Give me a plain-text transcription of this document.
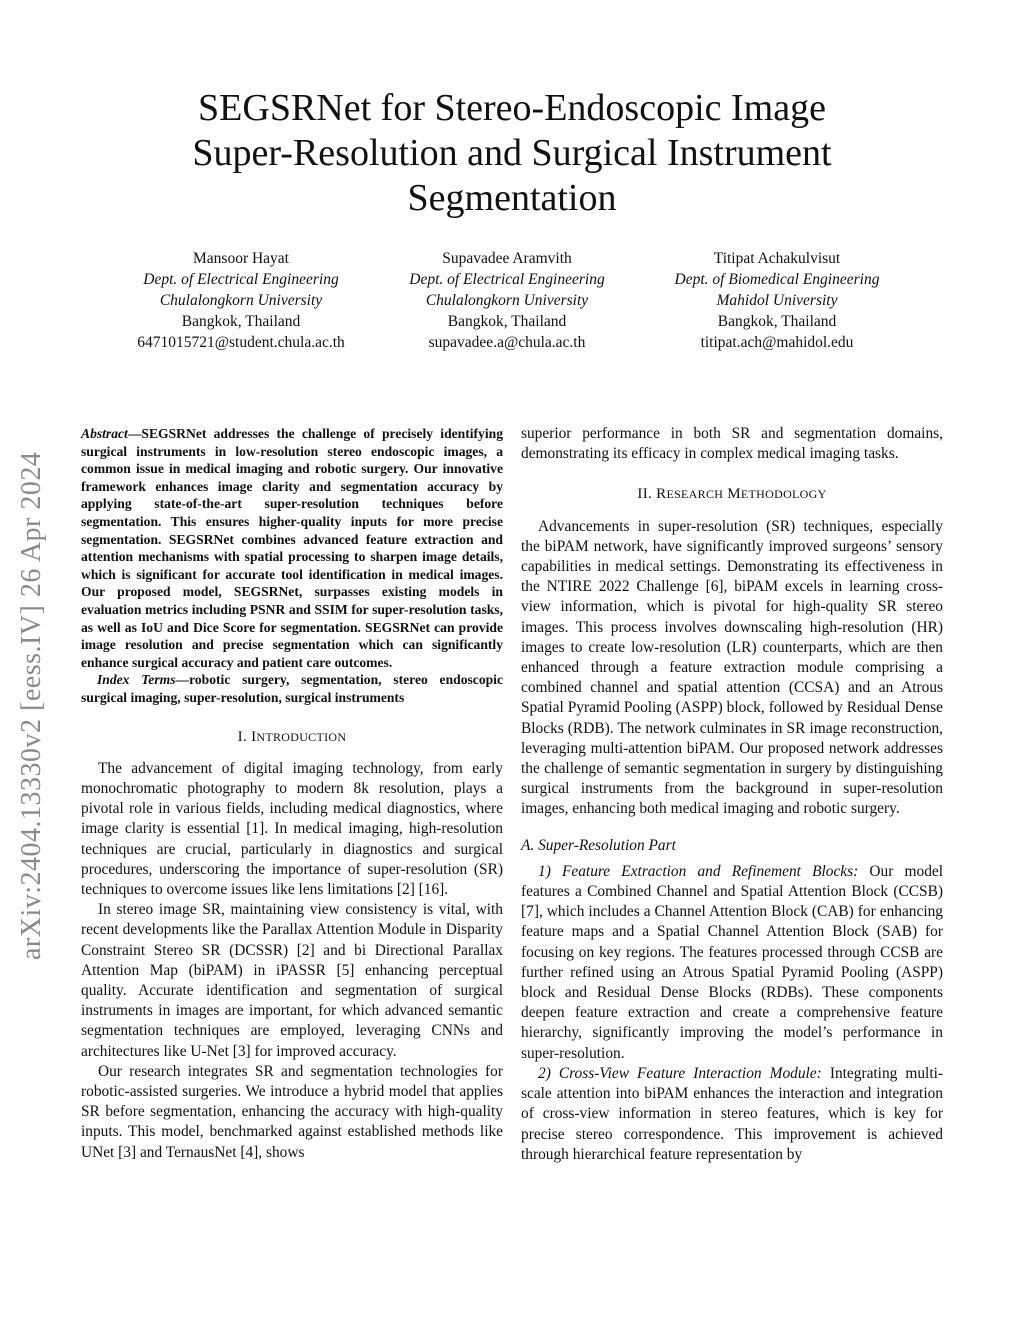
SEGSRNet for Stereo-Endoscopic Image
Super-Resolution and Surgical Instrument
Segmentation
Mansoor Hayat
Dept. of Electrical Engineering
Chulalongkorn University
Bangkok, Thailand
6471015721@student.chula.ac.th
Supavadee Aramvith
Dept. of Electrical Engineering
Chulalongkorn University
Bangkok, Thailand
supavadee.a@chula.ac.th
Titipat Achakulvisut
Dept. of Biomedical Engineering
Mahidol University
Bangkok, Thailand
titipat.ach@mahidol.edu
arXiv:2404.13330v2 [eess.IV] 26 Apr 2024

Abstract—SEGSRNet addresses the challenge of precisely identifying surgical instruments in low-resolution stereo endoscopic images, a common issue in medical imaging and robotic surgery. Our innovative framework enhances image clarity and segmentation accuracy by applying state-of-the-art super-resolution techniques before segmentation. This ensures higher-quality inputs for more precise segmentation. SEGSRNet combines advanced feature extraction and attention mechanisms with spatial processing to sharpen image details, which is significant for accurate tool identification in medical images. Our proposed model, SEGSRNet, surpasses existing models in evaluation metrics including PSNR and SSIM for super-resolution tasks, as well as IoU and Dice Score for segmentation. SEGSRNet can provide image resolution and precise segmentation which can significantly enhance surgical accuracy and patient care outcomes.

Index Terms—robotic surgery, segmentation, stereo endoscopic surgical imaging, super-resolution, surgical instruments

I. INTRODUCTION

The advancement of digital imaging technology, from early monochromatic photography to modern 8k resolution, plays a pivotal role in various fields, including medical diagnostics, where image clarity is essential [1]. In medical imaging, high-resolution techniques are crucial, particularly in diagnostics and surgical procedures, underscoring the importance of super-resolution (SR) techniques to overcome issues like lens limitations [2] [16].

In stereo image SR, maintaining view consistency is vital, with recent developments like the Parallax Attention Module in Disparity Constraint Stereo SR (DCSSR) [2] and bi Directional Parallax Attention Map (biPAM) in iPASSR [5] enhancing perceptual quality. Accurate identification and segmentation of surgical instruments in images are important, for which advanced semantic segmentation techniques are employed, leveraging CNNs and architectures like U-Net [3] for improved accuracy.

Our research integrates SR and segmentation technologies for robotic-assisted surgeries. We introduce a hybrid model that applies SR before segmentation, enhancing the accuracy with high-quality inputs. This model, benchmarked against established methods like UNet [3] and TernausNet [4], shows

superior performance in both SR and segmentation domains, demonstrating its efficacy in complex medical imaging tasks.

II. RESEARCH METHODOLOGY

Advancements in super-resolution (SR) techniques, especially the biPAM network, have significantly improved surgeons’ sensory capabilities in medical settings. Demonstrating its effectiveness in the NTIRE 2022 Challenge [6], biPAM excels in learning cross-view information, which is pivotal for high-quality SR stereo images. This process involves downscaling high-resolution (HR) images to create low-resolution (LR) counterparts, which are then enhanced through a feature extraction module comprising a combined channel and spatial attention (CCSA) and an Atrous Spatial Pyramid Pooling (ASPP) block, followed by Residual Dense Blocks (RDB). The network culminates in SR image reconstruction, leveraging multi-attention biPAM. Our proposed network addresses the challenge of semantic segmentation in surgery by distinguishing surgical instruments from the background in super-resolution images, enhancing both medical imaging and robotic surgery.

A. Super-Resolution Part

1) Feature Extraction and Refinement Blocks: Our model features a Combined Channel and Spatial Attention Block (CCSB) [7], which includes a Channel Attention Block (CAB) for enhancing feature maps and a Spatial Channel Attention Block (SAB) for focusing on key regions. The features processed through CCSB are further refined using an Atrous Spatial Pyramid Pooling (ASPP) block and Residual Dense Blocks (RDBs). These components deepen feature extraction and create a comprehensive feature hierarchy, significantly improving the model’s performance in super-resolution.

2) Cross-View Feature Interaction Module: Integrating multi-scale attention into biPAM enhances the interaction and integration of cross-view information in stereo features, which is key for precise stereo correspondence. This improvement is achieved through hierarchical feature representation by
